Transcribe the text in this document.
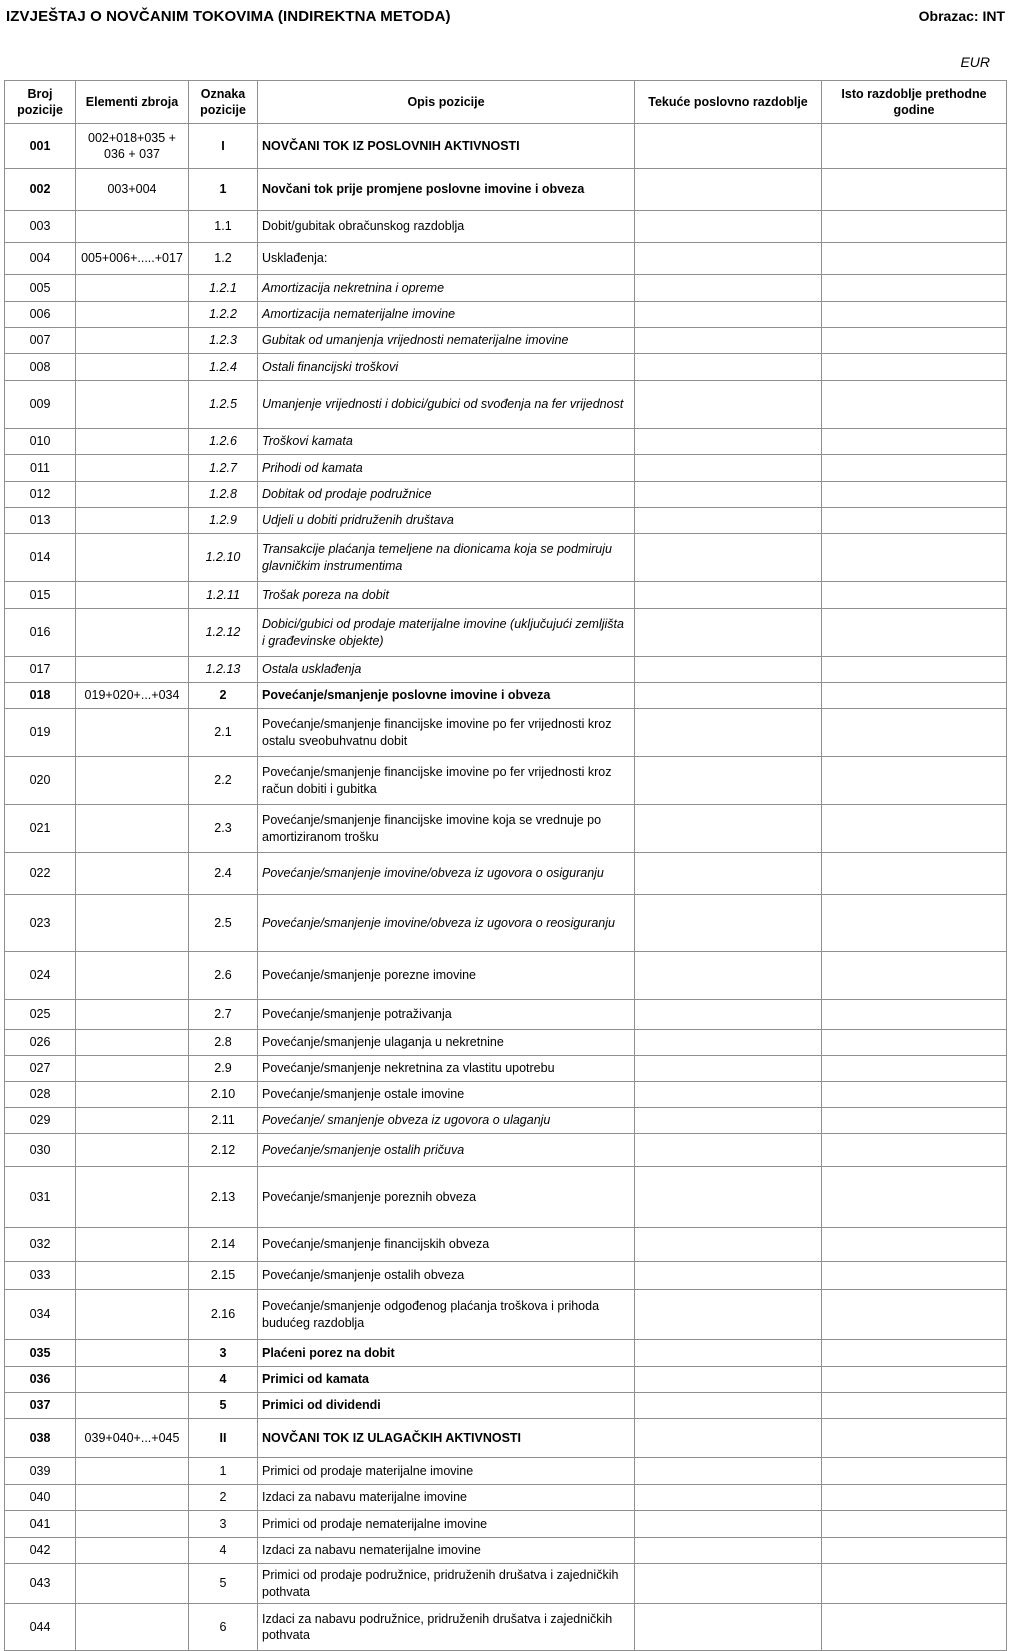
IZVJEŠTAJ O NOVČANIM TOKOVIMA (INDIREKTNA METODA)	Obrazac: INT
EUR
Broj pozicije	Elementi zbroja	Oznaka pozicije	Opis pozicije	Tekuće poslovno razdoblje	Isto razdoblje prethodne godine
001	002+018+035 + 036 + 037	I	NOVČANI TOK IZ POSLOVNIH AKTIVNOSTI		
002	003+004	1	Novčani tok prije promjene poslovne imovine i obveza		
003		1.1	Dobit/gubitak obračunskog razdoblja		
004	005+006+.....+017	1.2	Usklađenja:		
005		1.2.1	Amortizacija nekretnina i opreme		
006		1.2.2	Amortizacija nematerijalne imovine		
007		1.2.3	Gubitak od umanjenja vrijednosti nematerijalne imovine		
008		1.2.4	Ostali financijski troškovi		
009		1.2.5	Umanjenje vrijednosti i dobici/gubici od svođenja na fer vrijednost		
010		1.2.6	Troškovi kamata		
011		1.2.7	Prihodi od kamata		
012		1.2.8	Dobitak od prodaje podružnice		
013		1.2.9	Udjeli u dobiti pridruženih društava		
014		1.2.10	Transakcije plaćanja temeljene na dionicama koja se podmiruju glavničkim instrumentima		
015		1.2.11	Trošak poreza na dobit		
016		1.2.12	Dobici/gubici od prodaje materijalne imovine (uključujući zemljišta i građevinske objekte)		
017		1.2.13	Ostala usklađenja		
018	019+020+...+034	2	Povećanje/smanjenje poslovne imovine i obveza		
019		2.1	Povećanje/smanjenje financijske imovine po fer vrijednosti kroz ostalu sveobuhvatnu dobit		
020		2.2	Povećanje/smanjenje financijske imovine po fer vrijednosti kroz račun dobiti i gubitka		
021		2.3	Povećanje/smanjenje financijske imovine koja se vrednuje po amortiziranom trošku		
022		2.4	Povećanje/smanjenje imovine/obveza iz ugovora o osiguranju		
023		2.5	Povećanje/smanjenje imovine/obveza iz ugovora o reosiguranju		
024		2.6	Povećanje/smanjenje porezne imovine		
025		2.7	Povećanje/smanjenje potraživanja		
026		2.8	Povećanje/smanjenje ulaganja u nekretnine		
027		2.9	Povećanje/smanjenje nekretnina za vlastitu upotrebu		
028		2.10	Povećanje/smanjenje ostale imovine		
029		2.11	Povećanje/ smanjenje obveza iz ugovora o ulaganju		
030		2.12	Povećanje/smanjenje ostalih pričuva		
031		2.13	Povećanje/smanjenje poreznih obveza		
032		2.14	Povećanje/smanjenje financijskih obveza		
033		2.15	Povećanje/smanjenje ostalih obveza		
034		2.16	Povećanje/smanjenje odgođenog plaćanja troškova i prihoda budućeg razdoblja		
035		3	Plaćeni porez na dobit		
036		4	Primici od kamata		
037		5	Primici od dividendi		
038	039+040+...+045	II	NOVČANI TOK IZ ULAGAČKIH AKTIVNOSTI		
039		1	Primici od prodaje materijalne imovine		
040		2	Izdaci za nabavu materijalne imovine		
041		3	Primici od prodaje nematerijalne imovine		
042		4	Izdaci za nabavu nematerijalne imovine		
043		5	Primici od prodaje podružnice, pridruženih drušatva i zajedničkih pothvata		
044		6	Izdaci za nabavu podružnice, pridruženih drušatva i zajedničkih pothvata		
